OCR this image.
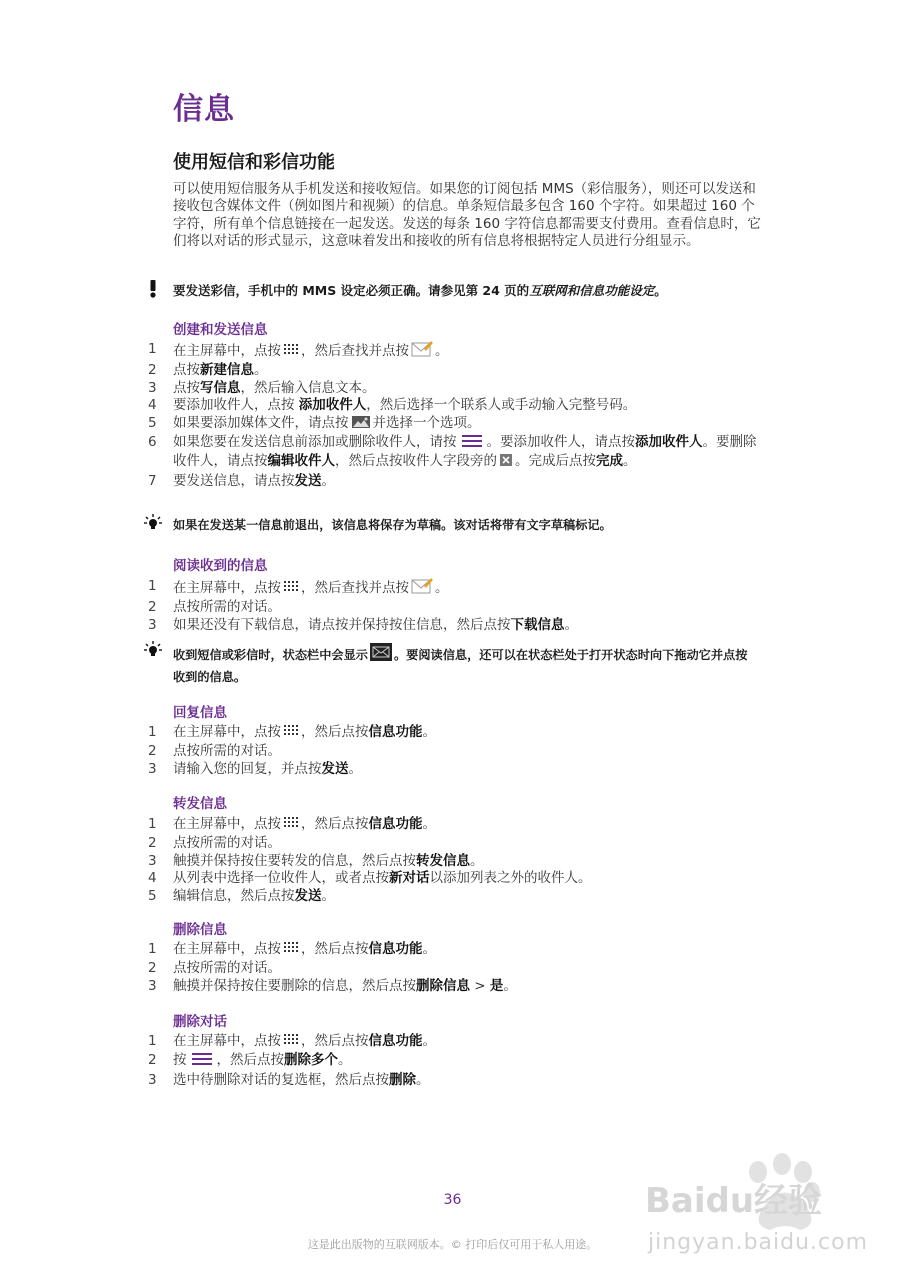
信息
使用短信和彩信功能

可以使用短信服务从手机发送和接收短信。如果您的订阅包括 MMS（彩信服务），则还可以发送和接收包含媒体文件（例如图片和视频）的信息。单条短信最多包含 160 个字符。如果超过 160 个字符，所有单个信息链接在一起发送。发送的每条 160 字符信息都需要支付费用。查看信息时，它们将以对话的形式显示，这意味着发出和接收的所有信息将根据特定人员进行分组显示。

要发送彩信，手机中的 MMS 设定必须正确。请参见第 24 页的互联网和信息功能设定。

创建和发送信息
1	在主屏幕中，点按 ，然后查找并点按 。
2	点按新建信息。
3	点按写信息，然后输入信息文本。
4	要添加收件人，点按 添加收件人，然后选择一个联系人或手动输入完整号码。
5	如果要添加媒体文件，请点按 并选择一个选项。
6	如果您要在发送信息前添加或删除收件人，请按 。要添加收件人，请点按添加收件人。要删除收件人，请点按编辑收件人，然后点按收件人字段旁的 。完成后点按完成。
7	要发送信息，请点按发送。

如果在发送某一信息前退出，该信息将保存为草稿。该对话将带有文字草稿标记。

阅读收到的信息
1	在主屏幕中，点按 ，然后查找并点按 。
2	点按所需的对话。
3	如果还没有下载信息，请点按并保持按住信息，然后点按下载信息。

收到短信或彩信时，状态栏中会显示 。要阅读信息，还可以在状态栏处于打开状态时向下拖动它并点按收到的信息。

回复信息
1	在主屏幕中，点按 ，然后点按信息功能。
2	点按所需的对话。
3	请输入您的回复，并点按发送。
转发信息
1	在主屏幕中，点按 ，然后点按信息功能。
2	点按所需的对话。
3	触摸并保持按住要转发的信息，然后点按转发信息。
4	从列表中选择一位收件人，或者点按新对话以添加列表之外的收件人。
5	编辑信息，然后点按发送。
删除信息
1	在主屏幕中，点按 ，然后点按信息功能。
2	点按所需的对话。
3	触摸并保持按住要删除的信息，然后点按删除信息 > 是。
删除对话
1	在主屏幕中，点按 ，然后点按信息功能。
2	按 ，然后点按删除多个。
3	选中待删除对话的复选框，然后点按删除。
Baidu经验
jingyan.baidu.com
36
这是此出版物的互联网版本。© 打印后仅可用于私人用途。
